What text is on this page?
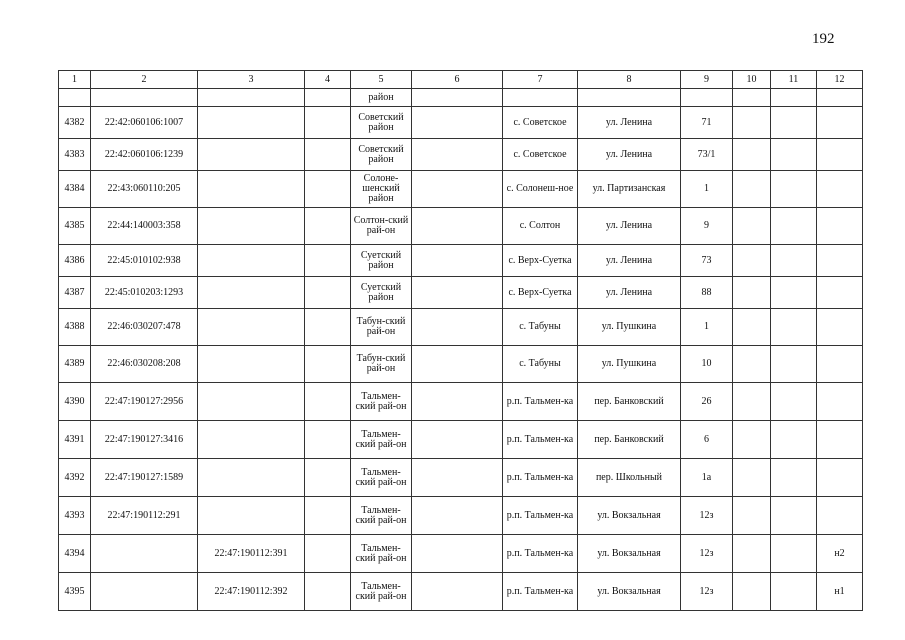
192
1	2	3	4	5	6	7	8	9	10	11	12
				район							
4382	22:42:060106:1007			Советский район		с. Советское	ул. Ленина	71			
4383	22:42:060106:1239			Советский район		с. Советское	ул. Ленина	73/1			
4384	22:43:060110:205			Солоне-шенский район		с. Солонеш-ное	ул. Партизанская	1			
4385	22:44:140003:358			Солтон-ский рай-он		с. Солтон	ул. Ленина	9			
4386	22:45:010102:938			Суетский район		с. Верх-Суетка	ул. Ленина	73			
4387	22:45:010203:1293			Суетский район		с. Верх-Суетка	ул. Ленина	88			
4388	22:46:030207:478			Табун-ский рай-он		с. Табуны	ул. Пушкина	1			
4389	22:46:030208:208			Табун-ский рай-он		с. Табуны	ул. Пушкина	10			
4390	22:47:190127:2956			Тальмен-ский рай-он		р.п. Тальмен-ка	пер. Банковский	26			
4391	22:47:190127:3416			Тальмен-ский рай-он		р.п. Тальмен-ка	пер. Банковский	6			
4392	22:47:190127:1589			Тальмен-ский рай-он		р.п. Тальмен-ка	пер. Школьный	1а			
4393	22:47:190112:291			Тальмен-ский рай-он		р.п. Тальмен-ка	ул. Вокзальная	12з			
4394		22:47:190112:391		Тальмен-ский рай-он		р.п. Тальмен-ка	ул. Вокзальная	12з			н2
4395		22:47:190112:392		Тальмен-ский рай-он		р.п. Тальмен-ка	ул. Вокзальная	12з			н1
